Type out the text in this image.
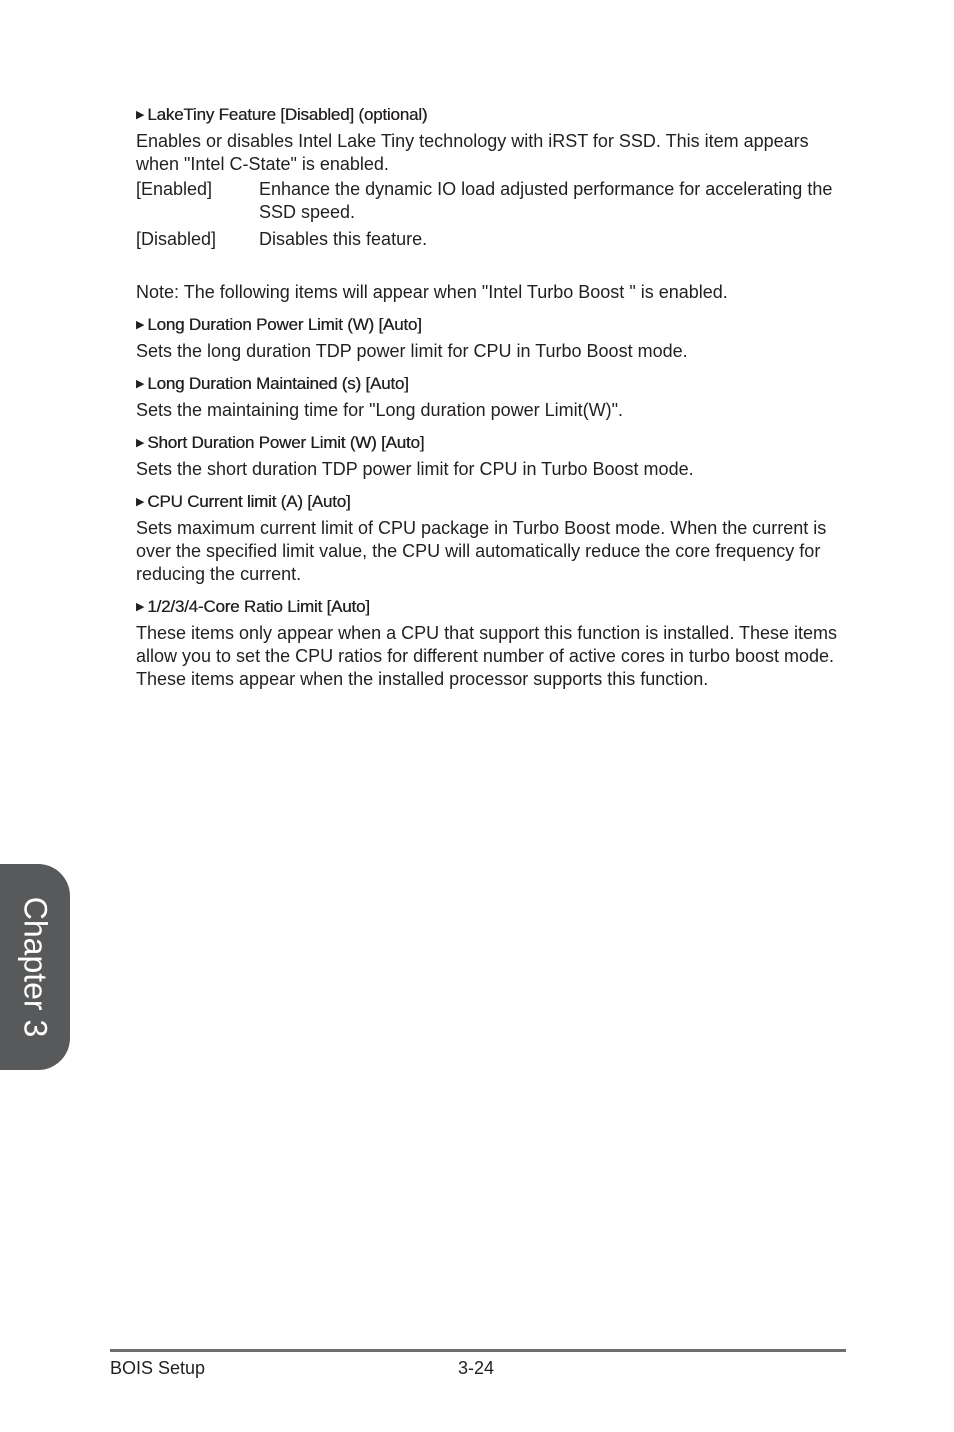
▶ LakeTiny Feature [Disabled] (optional)
Enables or disables Intel Lake Tiny technology with iRST for SSD. This item appears when "Intel C-State" is enabled.
[Enabled]	Enhance the dynamic IO load adjusted performance for accelerating the SSD speed.
[Disabled]	Disables this feature.
Note: The following items will appear when "Intel Turbo Boost " is enabled.
▶ Long Duration Power Limit (W) [Auto]
Sets the long duration TDP power limit for CPU in Turbo Boost mode.
▶ Long Duration Maintained (s) [Auto]
Sets the maintaining time for "Long duration power Limit(W)".
▶ Short Duration Power Limit (W) [Auto]
Sets the short duration TDP power limit for CPU in Turbo Boost mode.
▶ CPU Current limit (A) [Auto]
Sets maximum current limit of CPU package in Turbo Boost mode. When the current is over the specified limit value, the CPU will automatically reduce the core frequency for reducing the current.
▶ 1/2/3/4-Core Ratio Limit [Auto]
These items only appear when a CPU that support this function is installed. These items allow you to set the CPU ratios for different number of active cores in turbo boost mode. These items appear when the installed processor supports this function.
Chapter 3
BOIS Setup	3-24
